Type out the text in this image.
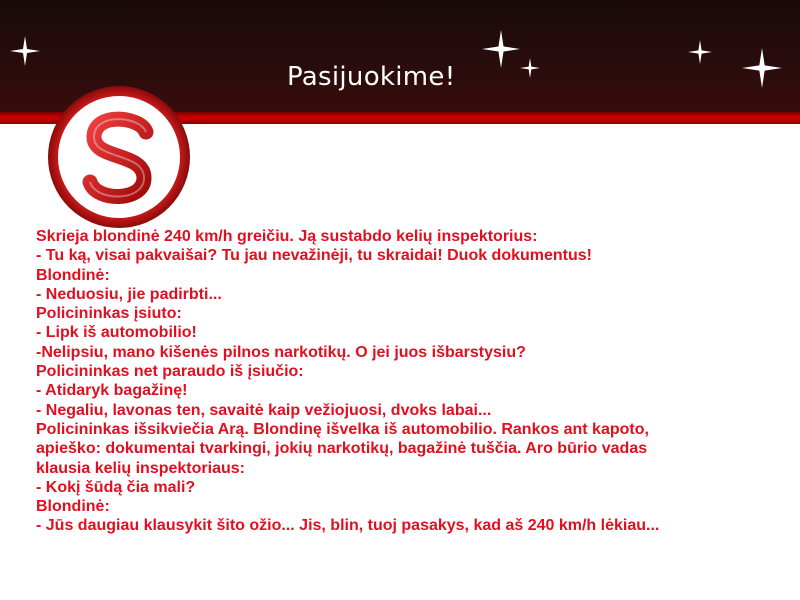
Pasijuokime!
Skrieja blondinė 240 km/h greičiu. Ją sustabdo kelių inspektorius:
- Tu ką, visai pakvaišai? Tu jau nevažinėji, tu skraidai! Duok dokumentus!
Blondinė:
- Neduosiu, jie padirbti...
Policininkas įsiuto:
- Lipk iš automobilio!
-Nelipsiu, mano kišenės pilnos narkotikų. O jei juos išbarstysiu?
Policininkas net paraudo iš įsiučio:
- Atidaryk bagažinę!
- Negaliu, lavonas ten, savaitė kaip vežiojuosi, dvoks labai...
Policininkas išsikviečia Arą. Blondinę išvelka iš automobilio. Rankos ant kapoto,
apieško: dokumentai tvarkingi, jokių narkotikų, bagažinė tuščia. Aro būrio vadas
klausia kelių inspektoriaus:
- Kokį šūdą čia mali?
Blondinė:
- Jūs daugiau klausykit šito ožio... Jis, blin, tuoj pasakys, kad aš 240 km/h lėkiau...
